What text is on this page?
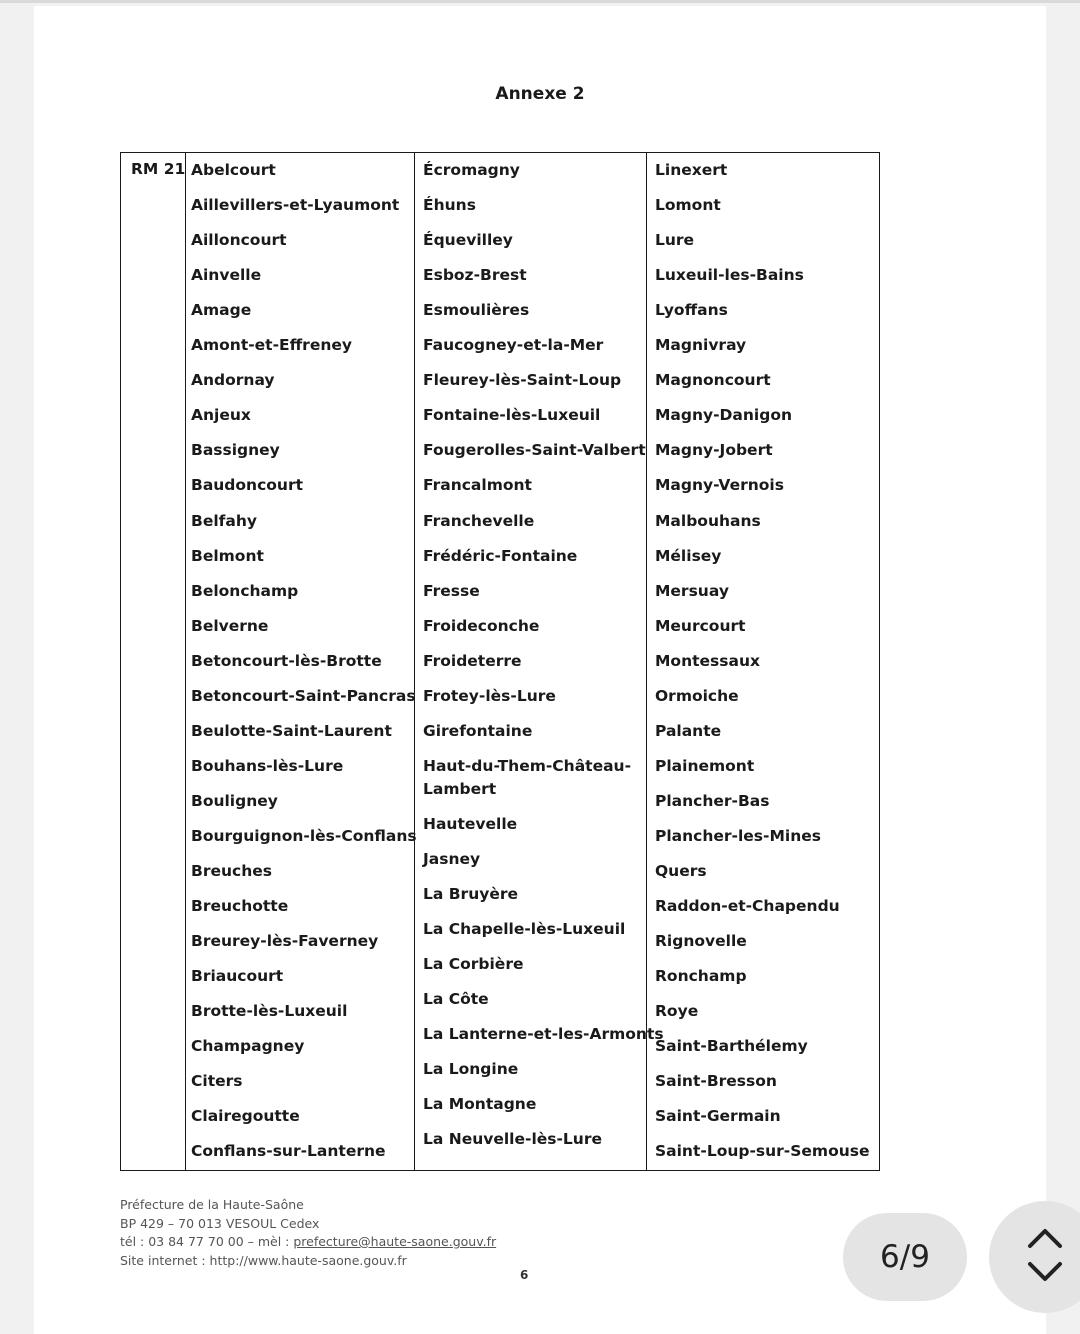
Annexe 2
RM 21 Abelcourt
Aillevillers-et-Lyaumont
Ailloncourt
Ainvelle
Amage
Amont-et-Effreney
Andornay
Anjeux
Bassigney
Baudoncourt
Belfahy
Belmont
Belonchamp
Belverne
Betoncourt-lès-Brotte
Betoncourt-Saint-Pancras
Beulotte-Saint-Laurent
Bouhans-lès-Lure
Bouligney
Bourguignon-lès-Conflans
Breuches
Breuchotte
Breurey-lès-Faverney
Briaucourt
Brotte-lès-Luxeuil
Champagney
Citers
Clairegoutte
Conflans-sur-Lanterne
Écromagny
Éhuns
Équevilley
Esboz-Brest
Esmoulières
Faucogney-et-la-Mer
Fleurey-lès-Saint-Loup
Fontaine-lès-Luxeuil
Fougerolles-Saint-Valbert
Francalmont
Franchevelle
Frédéric-Fontaine
Fresse
Froideconche
Froideterre
Frotey-lès-Lure
Girefontaine
Haut-du-Them-Château-
Lambert
Hautevelle
Jasney
La Bruyère
La Chapelle-lès-Luxeuil
La Corbière
La Côte
La Lanterne-et-les-Armonts
La Longine
La Montagne
La Neuvelle-lès-Lure
Linexert
Lomont
Lure
Luxeuil-les-Bains
Lyoffans
Magnivray
Magnoncourt
Magny-Danigon
Magny-Jobert
Magny-Vernois
Malbouhans
Mélisey
Mersuay
Meurcourt
Montessaux
Ormoiche
Palante
Plainemont
Plancher-Bas
Plancher-les-Mines
Quers
Raddon-et-Chapendu
Rignovelle
Ronchamp
Roye
Saint-Barthélemy
Saint-Bresson
Saint-Germain
Saint-Loup-sur-Semouse
Préfecture de la Haute-Saône
BP 429 – 70 013 VESOUL Cedex
tél : 03 84 77 70 00 – mèl : prefecture@haute-saone.gouv.fr
Site internet : http://www.haute-saone.gouv.fr
6	6/9
